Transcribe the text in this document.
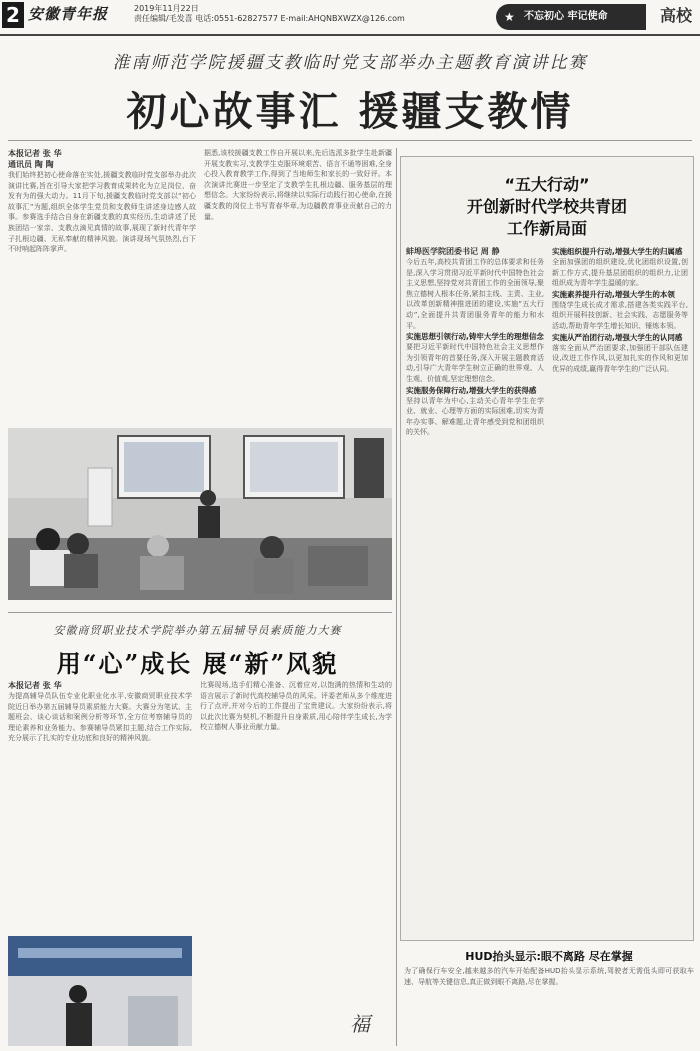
2 安徽青年报	2019年11月22日
责任编辑/毛发喜 电话:0551-62827577 E-mail:AHQNBXWZX@126.com	★ 不忘初心 牢记使命	高校
淮南师范学院援疆支教临时党支部举办主题教育演讲比赛
初心故事汇 援疆支教情
本报记者 张 华
通讯员 陶 陶
我们始终把初心使命落在实处,援疆支教临时党支部举办此次演讲比赛,旨在引导大家把学习教育成果转化为立足岗位、奋发有为的强大动力。11月下旬,援疆支教临时党支部以“初心故事汇”为题,组织全体学生党员和支教师生讲述身边感人故事。参赛选手结合自身在新疆支教的真实经历,生动讲述了民族团结一家亲、支教点滴见真情的故事,展现了新时代青年学子扎根边疆、无私奉献的精神风貌。演讲现场气氛热烈,台下不时响起阵阵掌声。
据悉,该校援疆支教工作自开展以来,先后选派多批学生赴新疆开展支教实习,支教学生克服环境艰苦、语言不通等困难,全身心投入教育教学工作,得到了当地师生和家长的一致好评。本次演讲比赛进一步坚定了支教学生扎根边疆、服务基层的理想信念。大家纷纷表示,将继续以实际行动践行初心使命,在援疆支教的岗位上书写青春华章,为边疆教育事业贡献自己的力量。
安徽商贸职业技术学院举办第五届辅导员素质能力大赛
用“心”成长 展“新”风貌
本报记者 张 华
为提高辅导员队伍专业化职业化水平,安徽商贸职业技术学院近日举办第五届辅导员素质能力大赛。大赛分为笔试、主题班会、谈心谈话和案例分析等环节,全方位考察辅导员的理论素养和业务能力。参赛辅导员紧扣主题,结合工作实际,充分展示了扎实的专业功底和良好的精神风貌。
比赛现场,选手们精心准备、沉着应对,以饱满的热情和生动的语言展示了新时代高校辅导员的风采。评委老师从多个维度进行了点评,并对今后的工作提出了宝贵建议。大家纷纷表示,将以此次比赛为契机,不断提升自身素质,用心陪伴学生成长,为学校立德树人事业贡献力量。
福
“五大行动”
开创新时代学校共青团
工作新局面
蚌埠医学院团委书记 周 静
今后五年,高校共青团工作的总体要求和任务是,深入学习贯彻习近平新时代中国特色社会主义思想,坚持党对共青团工作的全面领导,聚焦立德树人根本任务,紧扣主线、主责、主业,以改革创新精神推进团的建设,实施“五大行动”,全面提升共青团服务青年的能力和水平。
实施思想引领行动,铸牢大学生的理想信念
要把习近平新时代中国特色社会主义思想作为引领青年的首要任务,深入开展主题教育活动,引导广大青年学生树立正确的世界观、人生观、价值观,坚定理想信念。
实施服务保障行动,增强大学生的获得感
坚持以青年为中心,主动关心青年学生在学业、就业、心理等方面的实际困难,切实为青年办实事、解难题,让青年感受到党和团组织的关怀。
实施组织提升行动,增强大学生的归属感
全面加强团的组织建设,优化团组织设置,创新工作方式,提升基层团组织的组织力,让团组织成为青年学生温暖的家。
实施素养提升行动,增强大学生的本领
围绕学生成长成才需求,搭建各类实践平台,组织开展科技创新、社会实践、志愿服务等活动,帮助青年学生增长知识、锤炼本领。
实施从严治团行动,增强大学生的认同感
落实全面从严治团要求,加强团干部队伍建设,改进工作作风,以更加扎实的作风和更加优异的成绩,赢得青年学生的广泛认同。
HUD抬头显示:眼不离路 尽在掌握
为了确保行车安全,越来越多的汽车开始配备HUD抬头显示系统,驾驶者无需低头即可获取车速、导航等关键信息,真正做到眼不离路,尽在掌握。
